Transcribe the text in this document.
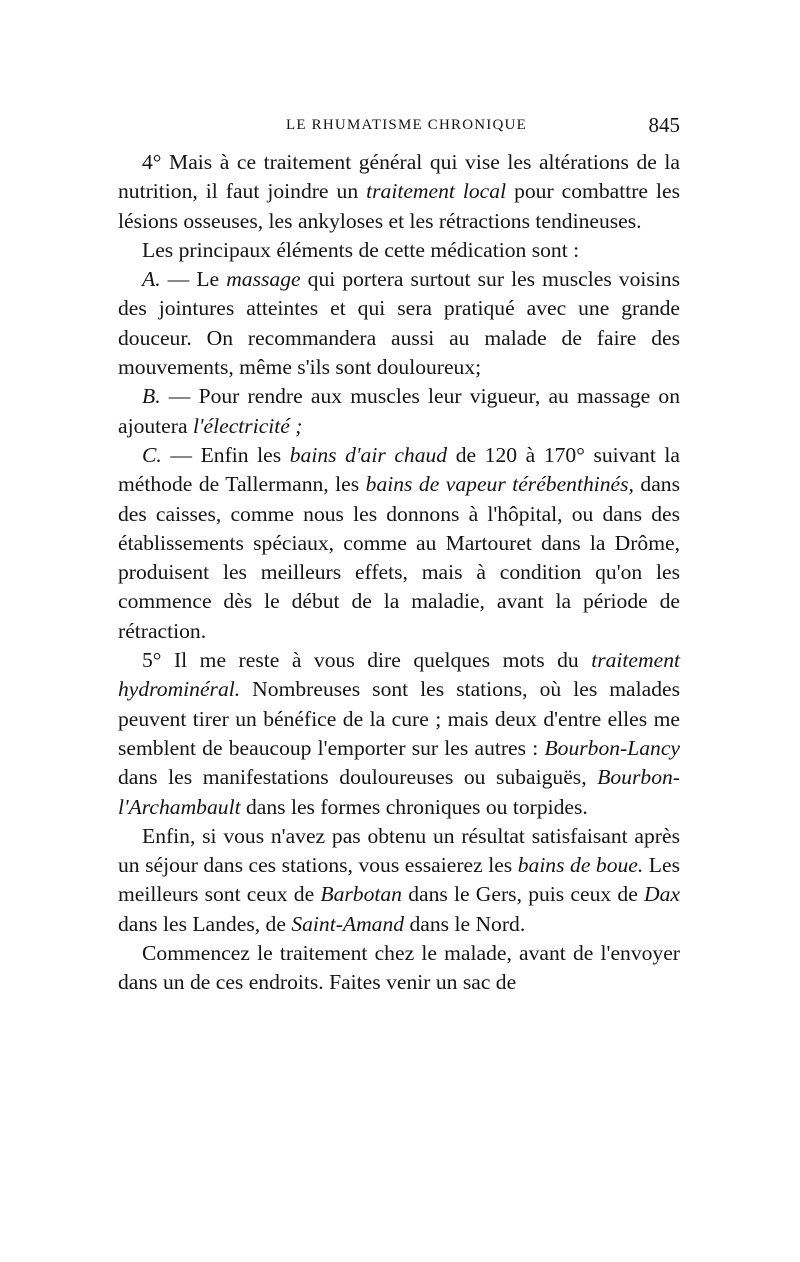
LE RHUMATISME CHRONIQUE	845

4° Mais à ce traitement général qui vise les altérations de la nutrition, il faut joindre un traitement local pour combattre les lésions osseuses, les ankyloses et les rétractions tendineuses.

Les principaux éléments de cette médication sont :

A. — Le massage qui portera surtout sur les muscles voisins des jointures atteintes et qui sera pratiqué avec une grande douceur. On recommandera aussi au malade de faire des mouvements, même s'ils sont douloureux;

B. — Pour rendre aux muscles leur vigueur, au massage on ajoutera l'électricité ;

C. — Enfin les bains d'air chaud de 120 à 170° suivant la méthode de Tallermann, les bains de vapeur térébenthinés, dans des caisses, comme nous les donnons à l'hôpital, ou dans des établissements spéciaux, comme au Martouret dans la Drôme, produisent les meilleurs effets, mais à condition qu'on les commence dès le début de la maladie, avant la période de rétraction.

5° Il me reste à vous dire quelques mots du traitement hydrominéral. Nombreuses sont les stations, où les malades peuvent tirer un bénéfice de la cure ; mais deux d'entre elles me semblent de beaucoup l'emporter sur les autres : Bourbon-Lancy dans les manifestations douloureuses ou subaiguës, Bourbon-l'Archambault dans les formes chroniques ou torpides.

Enfin, si vous n'avez pas obtenu un résultat satisfaisant après un séjour dans ces stations, vous essaierez les bains de boue. Les meilleurs sont ceux de Barbotan dans le Gers, puis ceux de Dax dans les Landes, de Saint-Amand dans le Nord.

Commencez le traitement chez le malade, avant de l'envoyer dans un de ces endroits. Faites venir un sac de
